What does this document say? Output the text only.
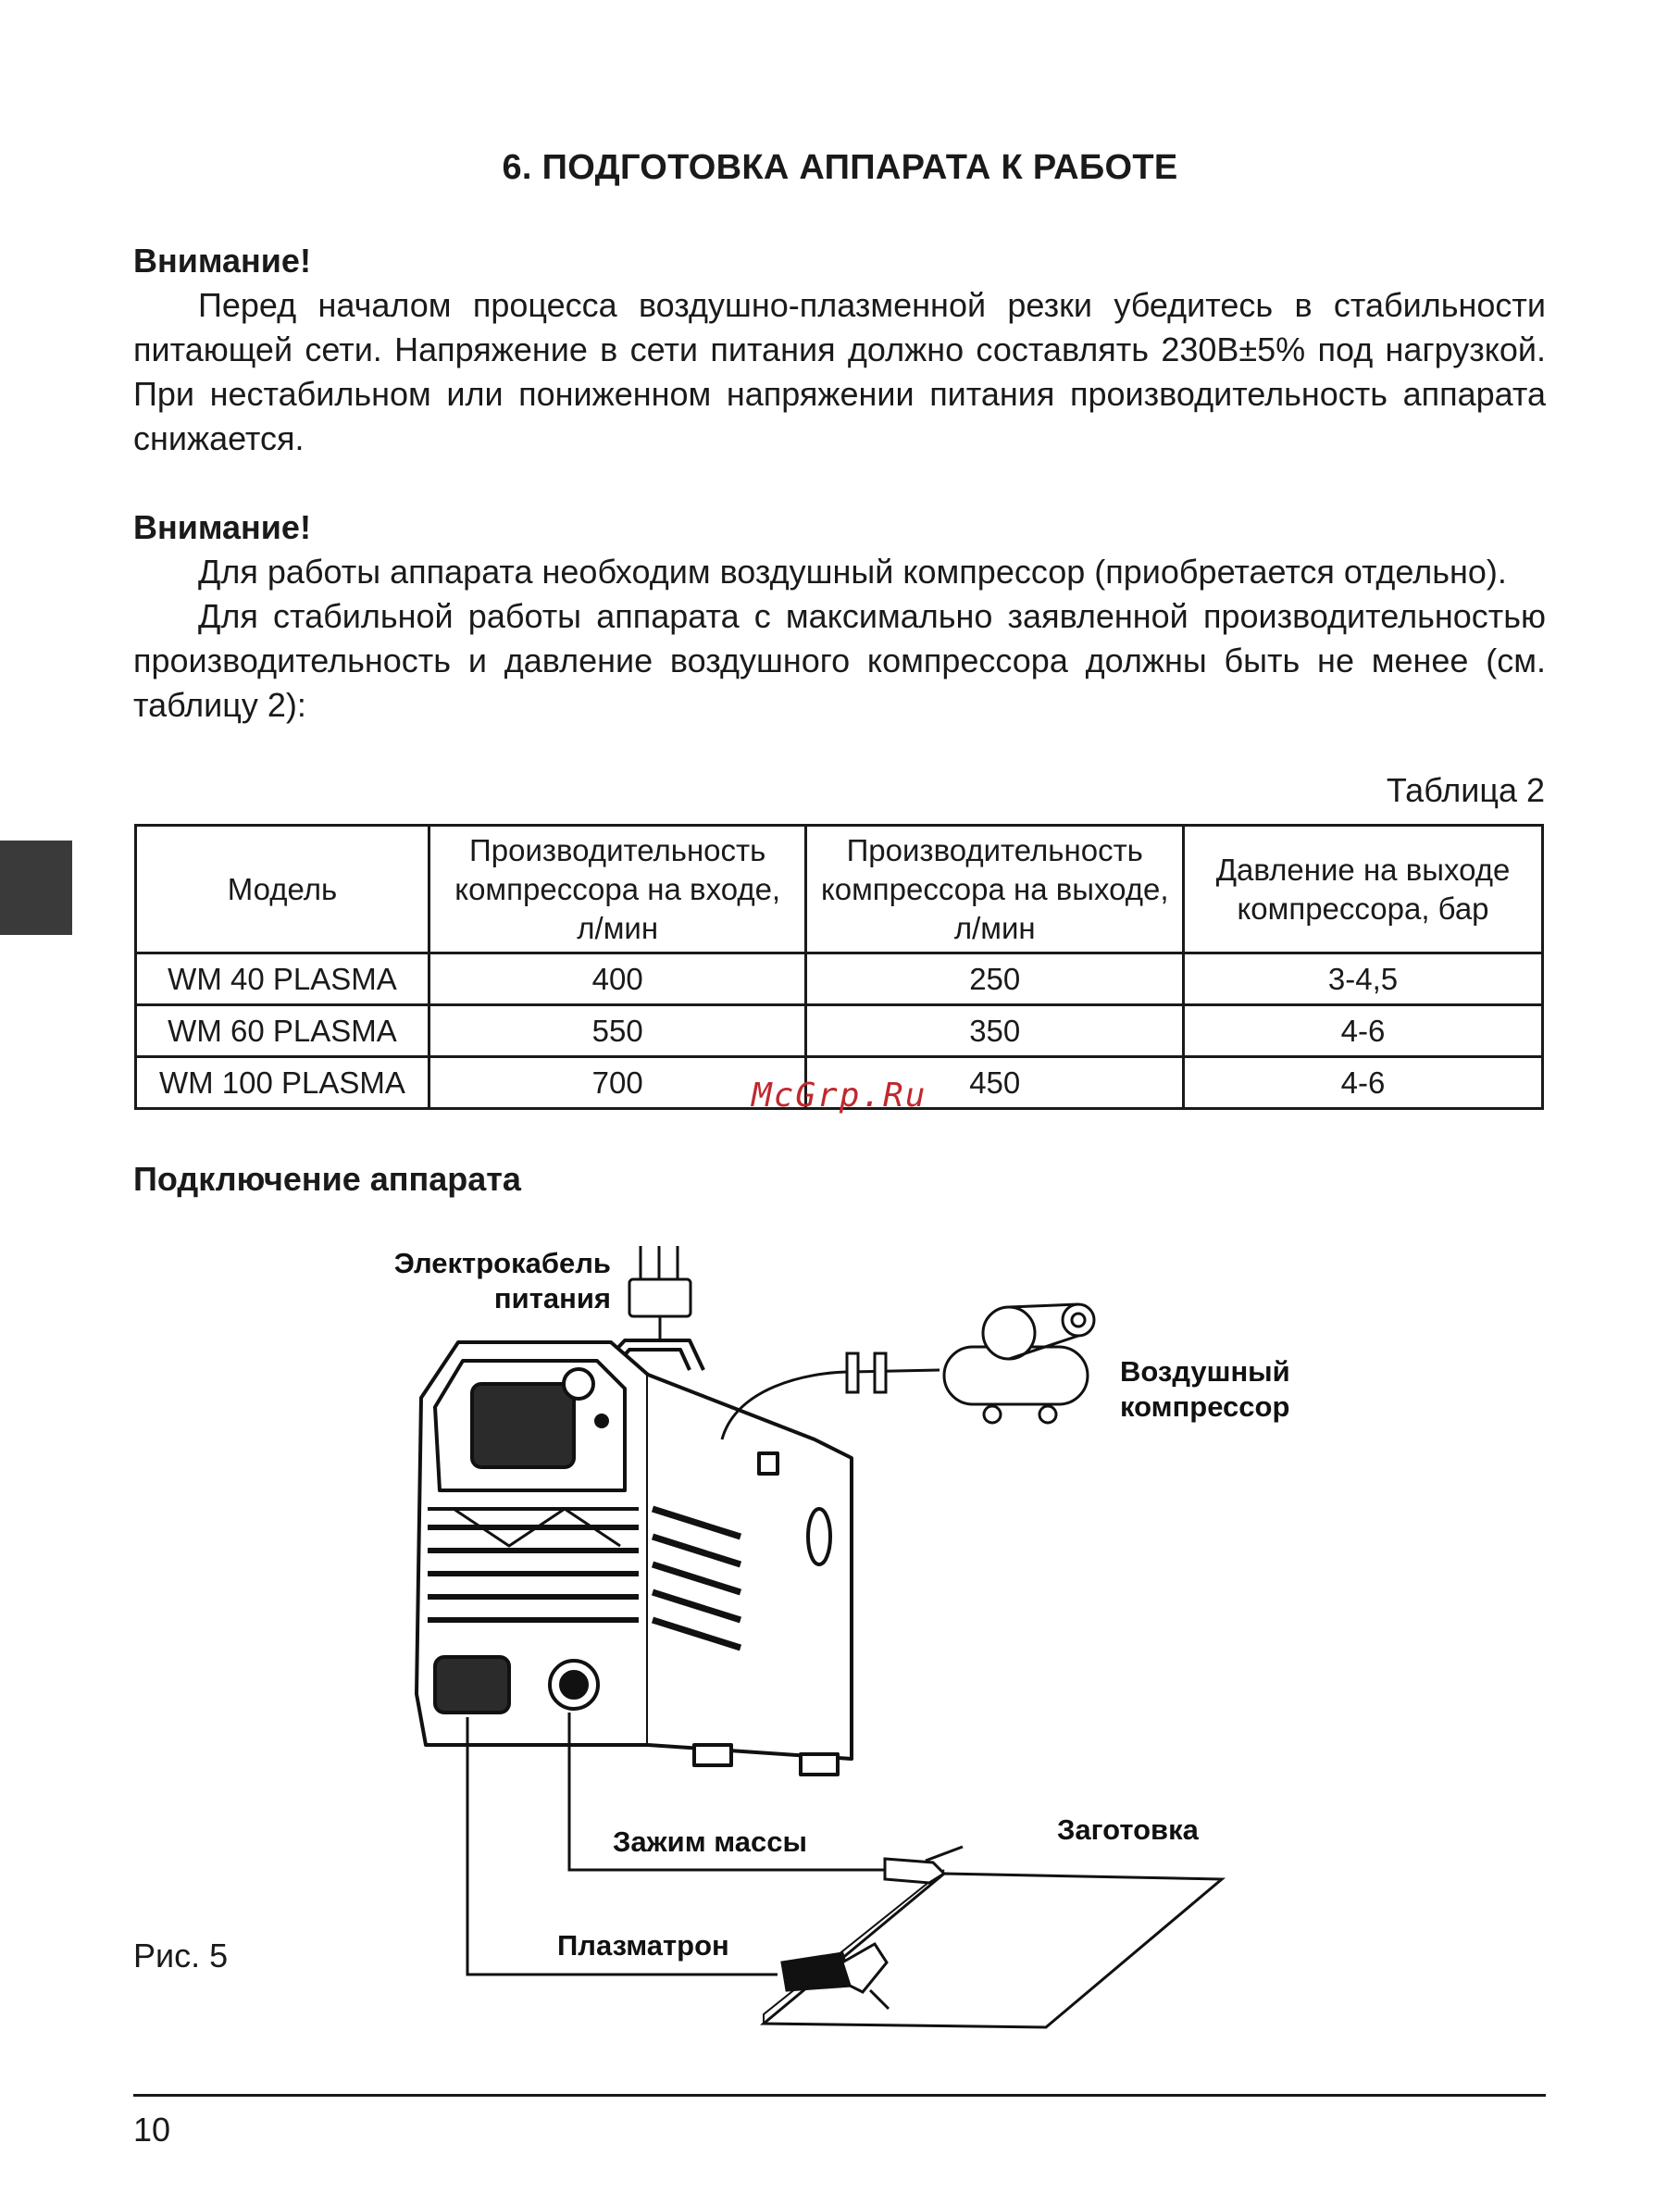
6. ПОДГОТОВКА АППАРАТА К РАБОТЕ
Внимание!

Перед началом процесса воздушно-плазменной резки убедитесь в стабильности питающей сети. Напряжение в сети питания должно составлять 230В±5% под нагрузкой. При нестабильном или пониженном напряжении питания производительность аппарата снижается.

Внимание!

Для работы аппарата необходим воздушный компрессор (приобретается отдельно).

Для стабильной работы аппарата с максимально заявленной производительностью производительность и давление воздушного компрессора должны быть не менее (см. таблицу 2):

Таблица 2
Модель	Производительность компрессора на входе, л/мин	Производительность компрессора на выходе, л/мин	Давление на выходе компрессора, бар
WM 40 PLASMA	400	250	3-4,5
WM 60 PLASMA	550	350	4-6
WM 100 PLASMA	700	450	4-6
McGrp.Ru
Подключение аппарата
Электрокабель
питания
Воздушный
компрессор
Зажим массы	Заготовка
Плазматрон
Рис. 5
10
